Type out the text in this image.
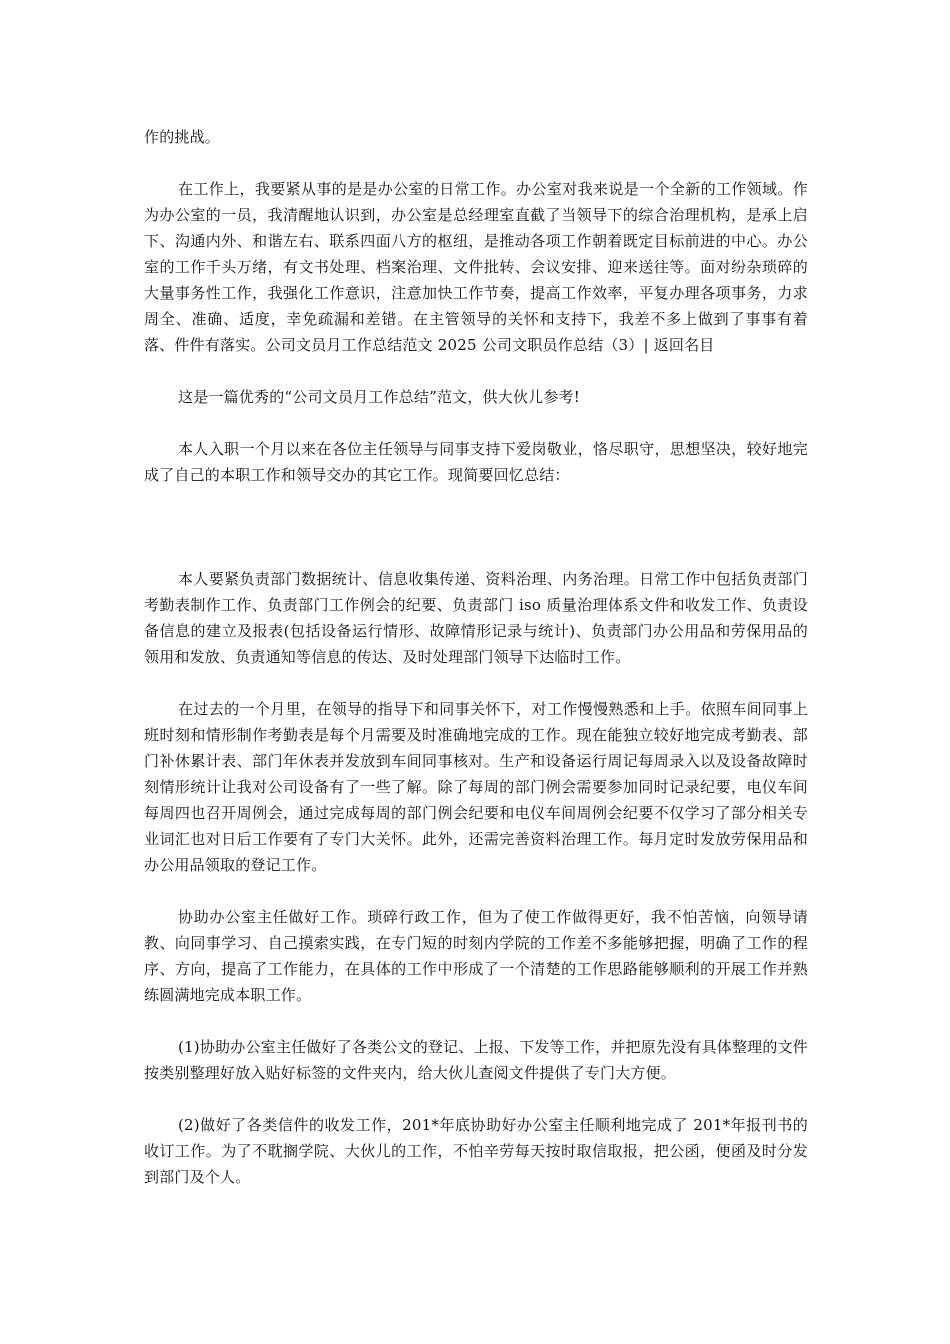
作的挑战。

在工作上，我要紧从事的是是办公室的日常工作。办公室对我来说是一个全新的工作领域。作为办公室的一员，我清醒地认识到，办公室是总经理室直截了当领导下的综合治理机构，是承上启下、沟通内外、和谐左右、联系四面八方的枢纽，是推动各项工作朝着既定目标前进的中心。办公室的工作千头万绪，有文书处理、档案治理、文件批转、会议安排、迎来送往等。面对纷杂琐碎的大量事务性工作，我强化工作意识，注意加快工作节奏，提高工作效率，平复办理各项事务，力求周全、准确、适度，幸免疏漏和差错。在主管领导的关怀和支持下，我差不多上做到了事事有着落、件件有落实。公司文员月工作总结范文 2025 公司文职员作总结（3）| 返回名目

这是一篇优秀的“公司文员月工作总结”范文，供大伙儿参考!

本人入职一个月以来在各位主任领导与同事支持下爱岗敬业，恪尽职守，思想坚决，较好地完成了自己的本职工作和领导交办的其它工作。现简要回忆总结：

本人要紧负责部门数据统计、信息收集传递、资料治理、内务治理。日常工作中包括负责部门考勤表制作工作、负责部门工作例会的纪要、负责部门 iso 质量治理体系文件和收发工作、负责设备信息的建立及报表(包括设备运行情形、故障情形记录与统计)、负责部门办公用品和劳保用品的领用和发放、负责通知等信息的传达、及时处理部门领导下达临时工作。

在过去的一个月里，在领导的指导下和同事关怀下，对工作慢慢熟悉和上手。依照车间同事上班时刻和情形制作考勤表是每个月需要及时准确地完成的工作。现在能独立较好地完成考勤表、部门补休累计表、部门年休表并发放到车间同事核对。生产和设备运行周记每周录入以及设备故障时刻情形统计让我对公司设备有了一些了解。除了每周的部门例会需要参加同时记录纪要，电仪车间每周四也召开周例会，通过完成每周的部门例会纪要和电仪车间周例会纪要不仅学习了部分相关专业词汇也对日后工作要有了专门大关怀。此外，还需完善资料治理工作。每月定时发放劳保用品和办公用品领取的登记工作。

协助办公室主任做好工作。琐碎行政工作，但为了使工作做得更好，我不怕苦恼，向领导请教、向同事学习、自己摸索实践，在专门短的时刻内学院的工作差不多能够把握，明确了工作的程序、方向，提高了工作能力，在具体的工作中形成了一个清楚的工作思路能够顺利的开展工作并熟练圆满地完成本职工作。

(1)协助办公室主任做好了各类公文的登记、上报、下发等工作，并把原先没有具体整理的文件按类别整理好放入贴好标签的文件夹内，给大伙儿查阅文件提供了专门大方便。

(2)做好了各类信件的收发工作，201*年底协助好办公室主任顺利地完成了 201*年报刊书的收订工作。为了不耽搁学院、大伙儿的工作，不怕辛劳每天按时取信取报，把公函，便函及时分发到部门及个人。
